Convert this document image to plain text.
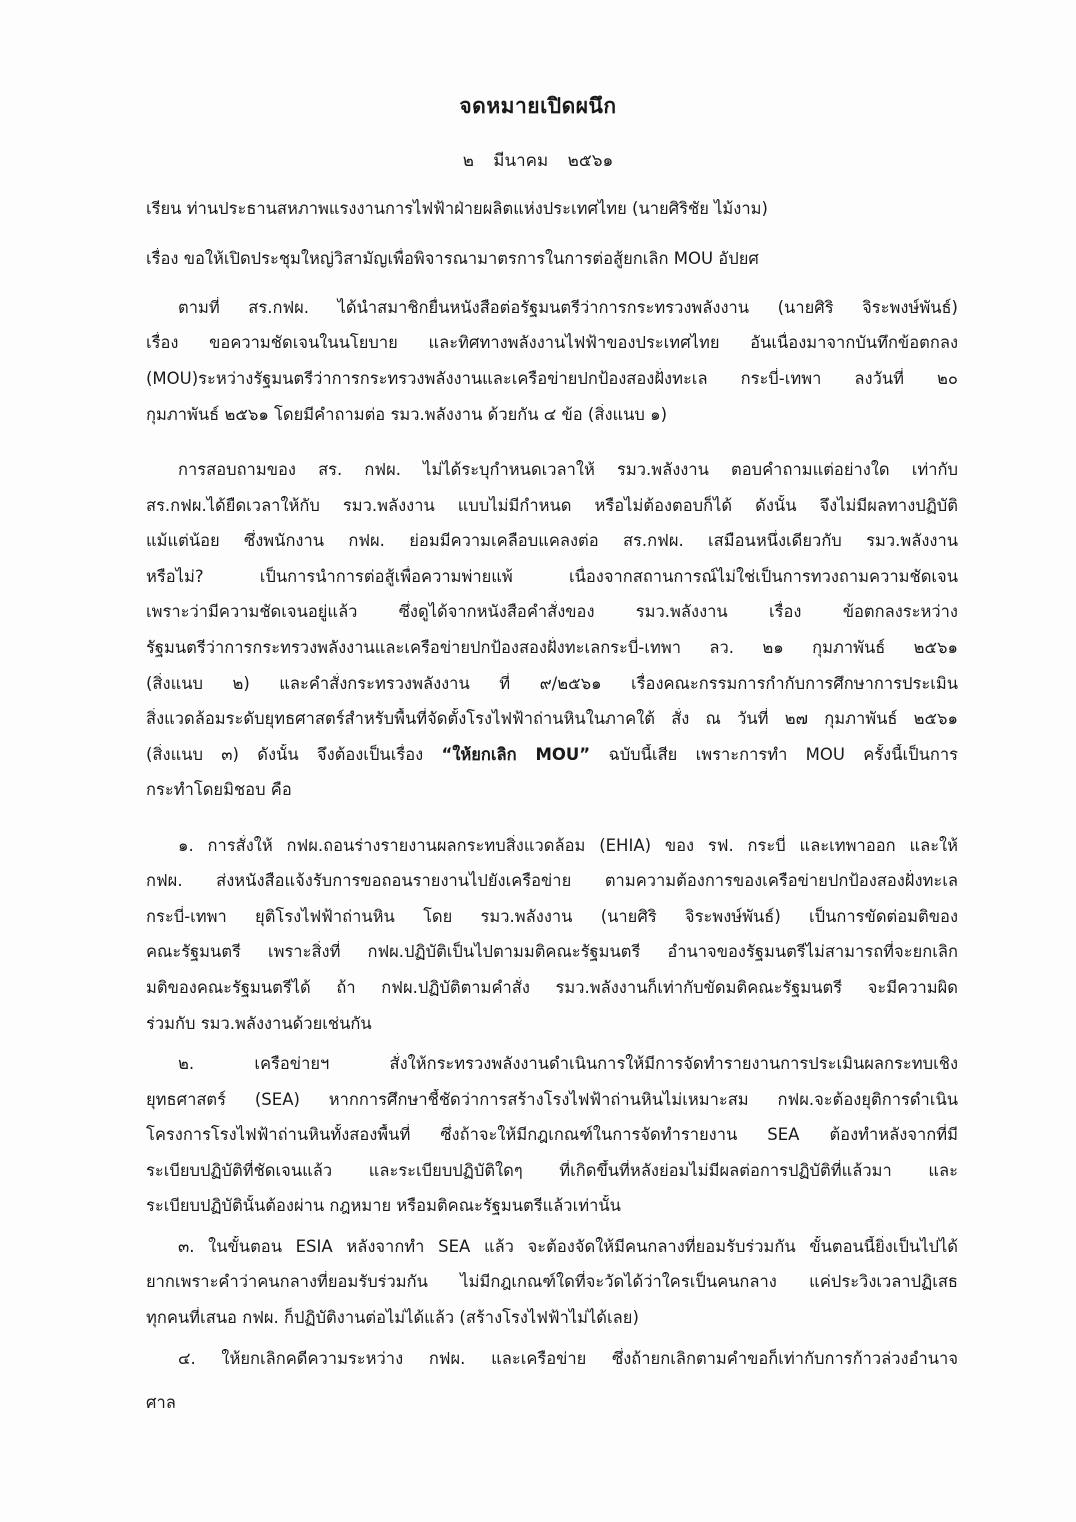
จดหมายเปิดผนึก
๒ มีนาคม ๒๕๖๑
เรียน ท่านประธานสหภาพแรงงานการไฟฟ้าฝ่ายผลิตแห่งประเทศไทย (นายศิริชัย ไม้งาม)
เรื่อง ขอให้เปิดประชุมใหญ่วิสามัญเพื่อพิจารณามาตรการในการต่อสู้ยกเลิก MOU อัปยศ
ตามที่ สร.กฟผ. ได้นำสมาชิกยื่นหนังสือต่อรัฐมนตรีว่าการกระทรวงพลังงาน (นายศิริ จิระพงษ์พันธ์)
เรื่อง ขอความชัดเจนในนโยบาย และทิศทางพลังงานไฟฟ้าของประเทศไทย อันเนื่องมาจากบันทึกข้อตกลง
(MOU)ระหว่างรัฐมนตรีว่าการกระทรวงพลังงานและเครือข่ายปกป้องสองฝั่งทะเล กระบี่-เทพา ลงวันที่ ๒๐
กุมภาพันธ์ ๒๕๖๑ โดยมีคำถามต่อ รมว.พลังงาน ด้วยกัน ๔ ข้อ (สิ่งแนบ ๑)
การสอบถามของ สร. กฟผ. ไม่ได้ระบุกำหนดเวลาให้ รมว.พลังงาน ตอบคำถามแต่อย่างใด เท่ากับ
สร.กฟผ.ได้ยืดเวลาให้กับ รมว.พลังงาน แบบไม่มีกำหนด หรือไม่ต้องตอบก็ได้ ดังนั้น จึงไม่มีผลทางปฏิบัติ
แม้แต่น้อย ซึ่งพนักงาน กฟผ. ย่อมมีความเคลือบแคลงต่อ สร.กฟผ. เสมือนหนึ่งเดียวกับ รมว.พลังงาน
หรือไม่? เป็นการนำการต่อสู้เพื่อความพ่ายแพ้ เนื่องจากสถานการณ์ไม่ใช่เป็นการทวงถามความชัดเจน
เพราะว่ามีความชัดเจนอยู่แล้ว ซึ่งดูได้จากหนังสือคำสั่งของ รมว.พลังงาน เรื่อง ข้อตกลงระหว่าง
รัฐมนตรีว่าการกระทรวงพลังงานและเครือข่ายปกป้องสองฝั่งทะเลกระบี่-เทพา ลว. ๒๑ กุมภาพันธ์ ๒๕๖๑
(สิ่งแนบ ๒) และคำสั่งกระทรวงพลังงาน ที่ ๙/๒๕๖๑ เรื่องคณะกรรมการกำกับการศึกษาการประเมิน
สิ่งแวดล้อมระดับยุทธศาสตร์สำหรับพื้นที่จัดตั้งโรงไฟฟ้าถ่านหินในภาคใต้ สั่ง ณ วันที่ ๒๗ กุมภาพันธ์ ๒๕๖๑
(สิ่งแนบ ๓) ดังนั้น จึงต้องเป็นเรื่อง “ให้ยกเลิก MOU” ฉบับนี้เสีย เพราะการทำ MOU ครั้งนี้เป็นการ
กระทำโดยมิชอบ คือ
๑. การสั่งให้ กฟผ.ถอนร่างรายงานผลกระทบสิ่งแวดล้อม (EHIA) ของ รฟ. กระบี่ และเทพาออก และให้
กฟผ. ส่งหนังสือแจ้งรับการขอถอนรายงานไปยังเครือข่าย ตามความต้องการของเครือข่ายปกป้องสองฝั่งทะเล
กระบี่-เทพา ยุติโรงไฟฟ้าถ่านหิน โดย รมว.พลังงาน (นายศิริ จิระพงษ์พันธ์) เป็นการขัดต่อมติของ
คณะรัฐมนตรี เพราะสิ่งที่ กฟผ.ปฏิบัติเป็นไปตามมติคณะรัฐมนตรี อำนาจของรัฐมนตรีไม่สามารถที่จะยกเลิก
มติของคณะรัฐมนตรีได้ ถ้า กฟผ.ปฏิบัติตามคำสั่ง รมว.พลังงานก็เท่ากับขัดมติคณะรัฐมนตรี จะมีความผิด
ร่วมกับ รมว.พลังงานด้วยเช่นกัน
๒. เครือข่ายฯ สั่งให้กระทรวงพลังงานดำเนินการให้มีการจัดทำรายงานการประเมินผลกระทบเชิง
ยุทธศาสตร์ (SEA) หากการศึกษาชี้ชัดว่าการสร้างโรงไฟฟ้าถ่านหินไม่เหมาะสม กฟผ.จะต้องยุติการดำเนิน
โครงการโรงไฟฟ้าถ่านหินทั้งสองพื้นที่ ซึ่งถ้าจะให้มีกฎเกณฑ์ในการจัดทำรายงาน SEA ต้องทำหลังจากที่มี
ระเบียบปฏิบัติที่ชัดเจนแล้ว และระเบียบปฏิบัติใดๆ ที่เกิดขึ้นที่หลังย่อมไม่มีผลต่อการปฏิบัติที่แล้วมา และ
ระเบียบปฏิบัตินั้นต้องผ่าน กฎหมาย หรือมติคณะรัฐมนตรีแล้วเท่านั้น
๓. ในขั้นตอน ESIA หลังจากทำ SEA แล้ว จะต้องจัดให้มีคนกลางที่ยอมรับร่วมกัน ขั้นตอนนี้ยิ่งเป็นไปได้
ยากเพราะคำว่าคนกลางที่ยอมรับร่วมกัน ไม่มีกฎเกณฑ์ใดที่จะวัดได้ว่าใครเป็นคนกลาง แค่ประวิงเวลาปฏิเสธ
ทุกคนที่เสนอ กฟผ. ก็ปฏิบัติงานต่อไม่ได้แล้ว (สร้างโรงไฟฟ้าไม่ได้เลย)
๔. ให้ยกเลิกคดีความระหว่าง กฟผ. และเครือข่าย ซึ่งถ้ายกเลิกตามคำขอก็เท่ากับการก้าวล่วงอำนาจ
ศาล
